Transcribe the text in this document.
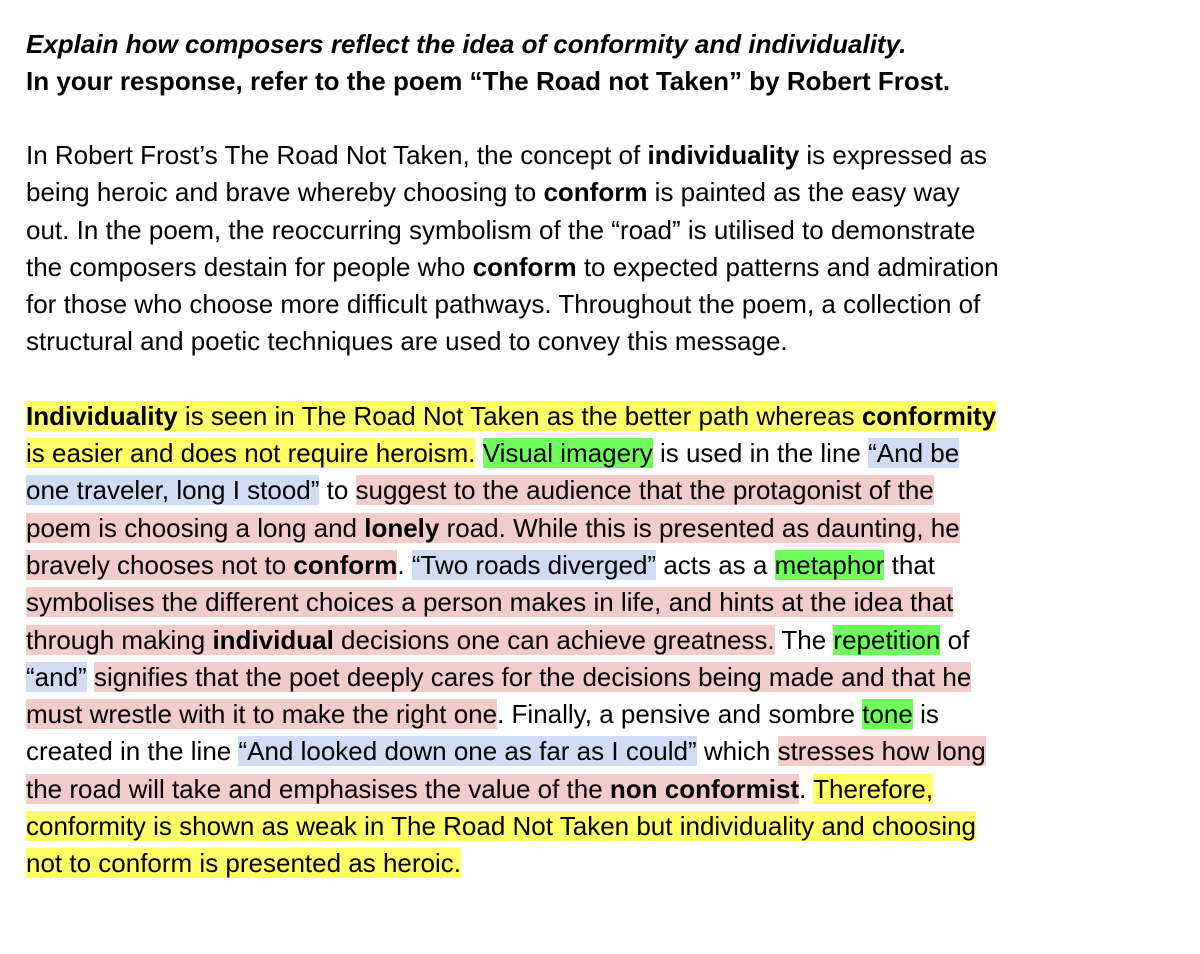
Explain how composers reflect the idea of conformity and individuality.

In your response, refer to the poem “The Road not Taken” by Robert Frost.

In Robert Frost’s The Road Not Taken, the concept of individuality is expressed as
being heroic and brave whereby choosing to conform is painted as the easy way
out. In the poem, the reoccurring symbolism of the “road” is utilised to demonstrate
the composers destain for people who conform to expected patterns and admiration
for those who choose more difficult pathways. Throughout the poem, a collection of
structural and poetic techniques are used to convey this message.
Individuality is seen in The Road Not Taken as the better path whereas conformity
is easier and does not require heroism. Visual imagery is used in the line “And be
one traveler, long I stood” to suggest to the audience that the protagonist of the
poem is choosing a long and lonely road. While this is presented as daunting, he
bravely chooses not to conform. “Two roads diverged” acts as a metaphor that
symbolises the different choices a person makes in life, and hints at the idea that
through making individual decisions one can achieve greatness. The repetition of
“and” signifies that the poet deeply cares for the decisions being made and that he
must wrestle with it to make the right one. Finally, a pensive and sombre tone is
created in the line “And looked down one as far as I could” which stresses how long
the road will take and emphasises the value of the non conformist. Therefore,
conformity is shown as weak in The Road Not Taken but individuality and choosing
not to conform is presented as heroic.
